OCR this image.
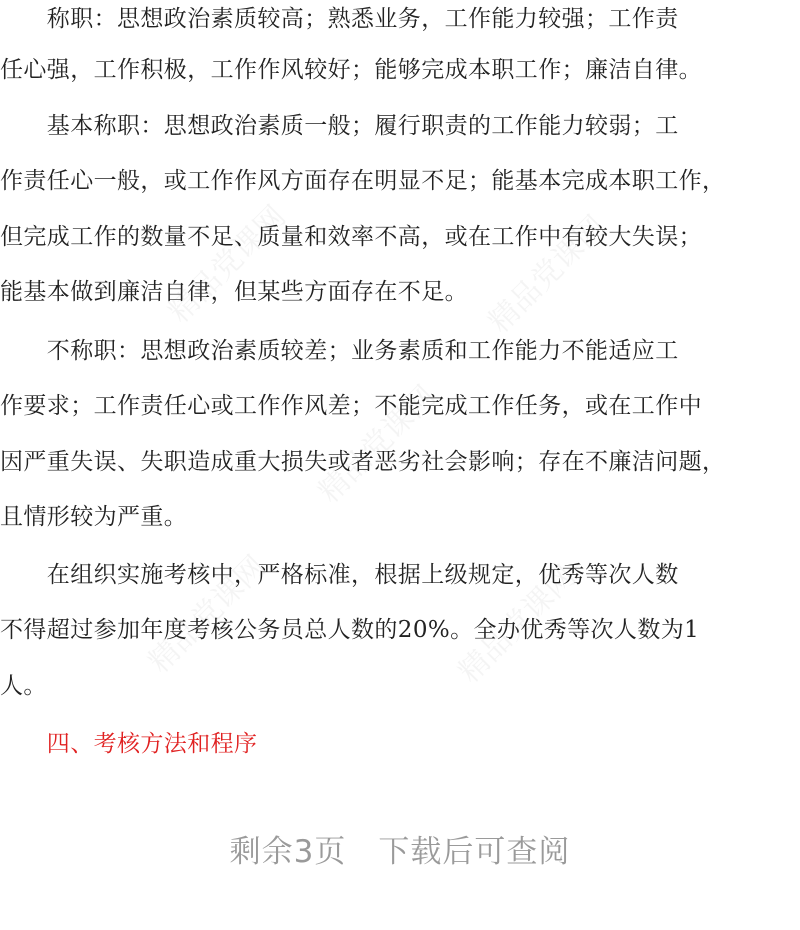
精品党课网	精品党课网
精品党课网
精品党课网	精品党课网
　　称职：思想政治素质较高；熟悉业务，工作能力较强；工作责
任心强，工作积极，工作作风较好；能够完成本职工作；廉洁自律。
　　基本称职：思想政治素质一般；履行职责的工作能力较弱；工
作责任心一般，或工作作风方面存在明显不足；能基本完成本职工作，
但完成工作的数量不足、质量和效率不高，或在工作中有较大失误；
能基本做到廉洁自律，但某些方面存在不足。
　　不称职：思想政治素质较差；业务素质和工作能力不能适应工
作要求；工作责任心或工作作风差；不能完成工作任务，或在工作中
因严重失误、失职造成重大损失或者恶劣社会影响；存在不廉洁问题，
且情形较为严重。
　　在组织实施考核中，严格标准，根据上级规定，优秀等次人数
不得超过参加年度考核公务员总人数的20%。全办优秀等次人数为1
人。
　　四、考核方法和程序
剩余3页　下载后可查阅
